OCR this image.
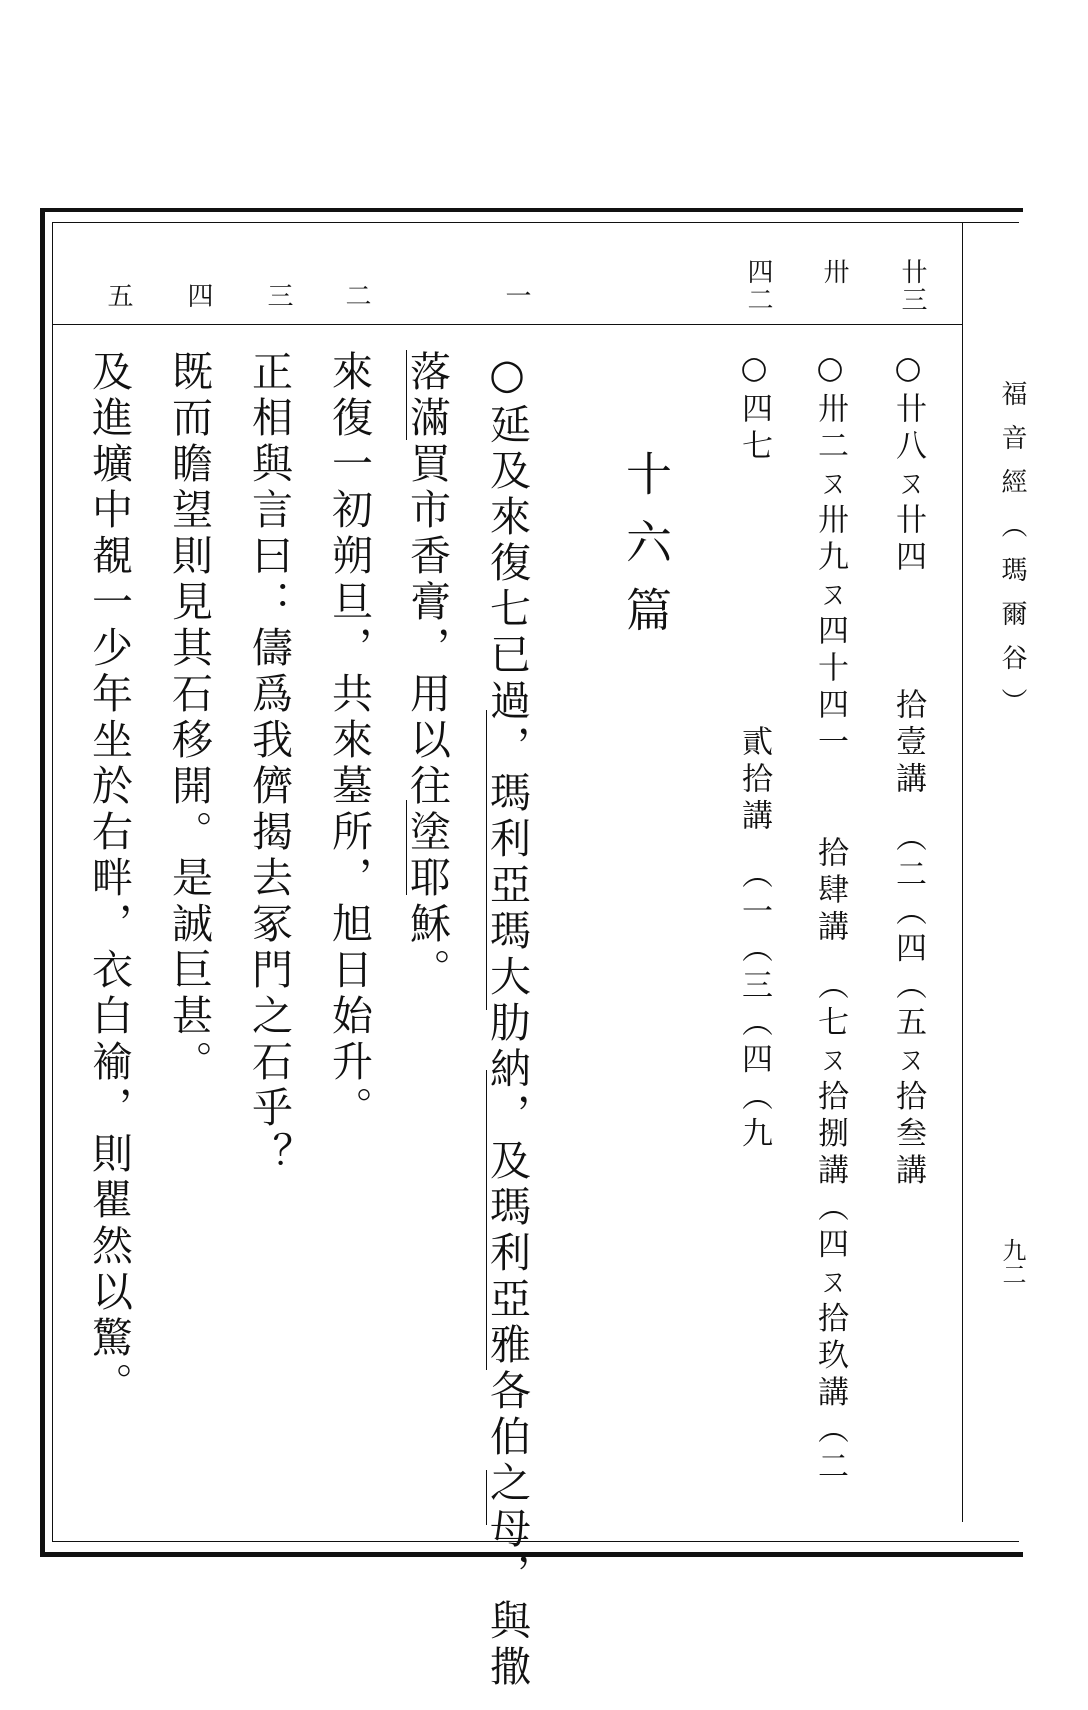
福音經（瑪爾谷）
九二
卄三
卅
四二
○卄八ㄡ卄四　　　拾壹講　（二（四（五ㄡ拾叁講
○卅二ㄡ卅九ㄡ四十四一　　拾肆講　（七ㄡ拾捌講（四ㄡ拾玖講（二
○四七　　　　　　　貳拾講　（一（三（四（九
十六篇
一
二
三
四
五
○延及來復七已過，瑪利亞瑪大肋納，及瑪利亞雅各伯之母，與撒
落滿買市香膏，用以往塗耶穌。
來復一初朔旦，共來墓所，旭日始升。
正相與言曰：儔爲我儕揭去冢門之石乎？
既而瞻望則見其石移開。是誠巨甚。
及進壙中覩一少年坐於右畔，衣白褕，則瞿然以驚。
